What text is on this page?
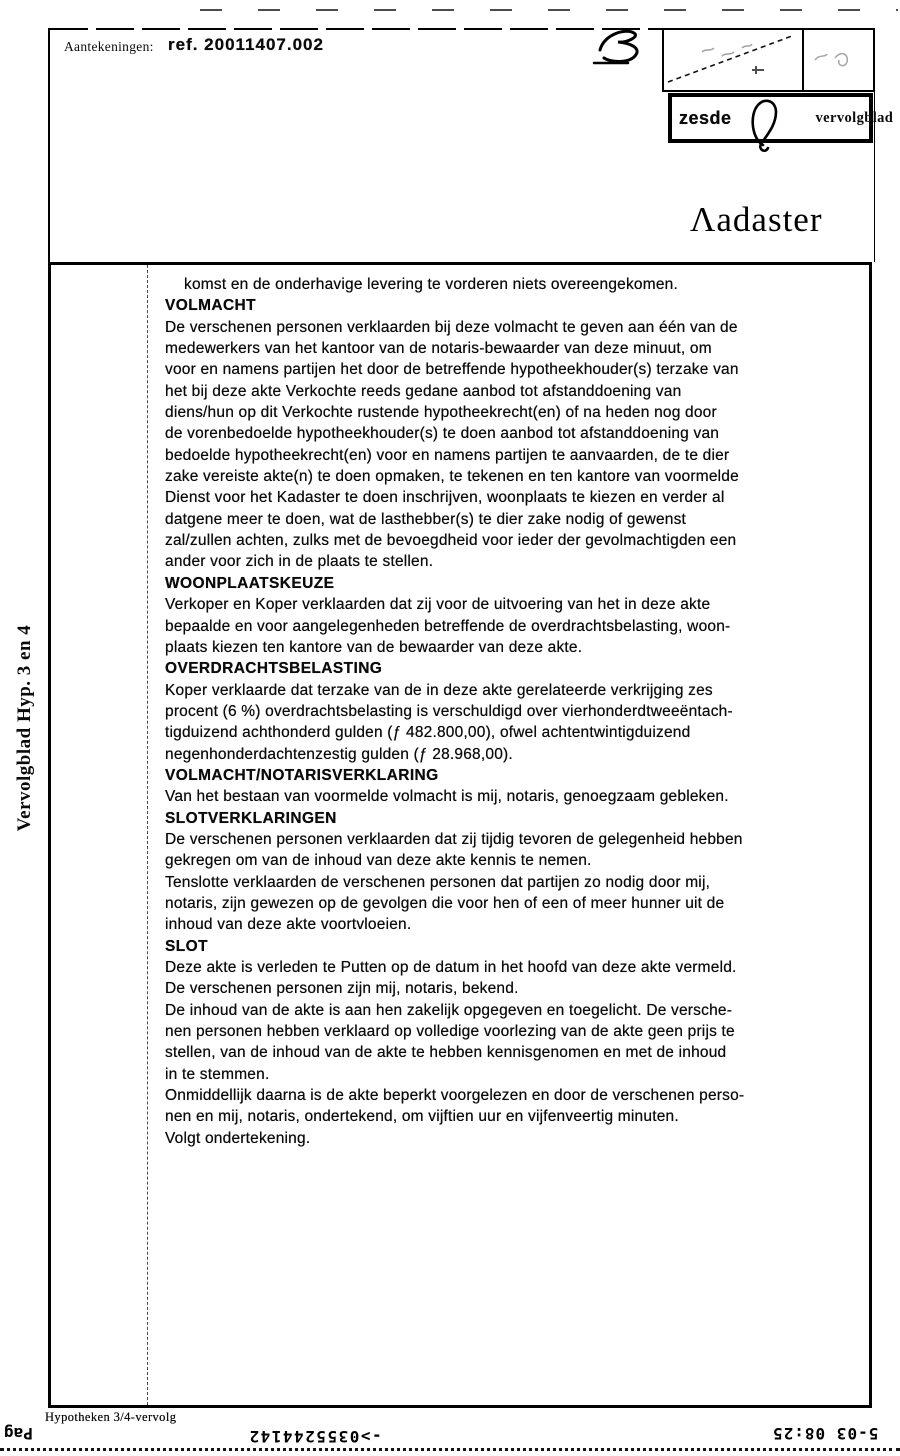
Aantekeningen: ref. 20011407.002
zesde	vervolgblad
Λadaster
komst en de onderhavige levering te vorderen niets overeengekomen.
VOLMACHT
De verschenen personen verklaarden bij deze volmacht te geven aan één van de
medewerkers van het kantoor van de notaris-bewaarder van deze minuut, om
voor en namens partijen het door de betreffende hypotheekhouder(s) terzake van
het bij deze akte Verkochte reeds gedane aanbod tot afstanddoening van
diens/hun op dit Verkochte rustende hypotheekrecht(en) of na heden nog door
de vorenbedoelde hypotheekhouder(s) te doen aanbod tot afstanddoening van
bedoelde hypotheekrecht(en) voor en namens partijen te aanvaarden, de te dier
zake vereiste akte(n) te doen opmaken, te tekenen en ten kantore van voormelde
Dienst voor het Kadaster te doen inschrijven, woonplaats te kiezen en verder al
datgene meer te doen, wat de lasthebber(s) te dier zake nodig of gewenst
zal/zullen achten, zulks met de bevoegdheid voor ieder der gevolmachtigden een
ander voor zich in de plaats te stellen.
WOONPLAATSKEUZE
Verkoper en Koper verklaarden dat zij voor de uitvoering van het in deze akte
bepaalde en voor aangelegenheden betreffende de overdrachtsbelasting, woon-
plaats kiezen ten kantore van de bewaarder van deze akte.
OVERDRACHTSBELASTING
Koper verklaarde dat terzake van de in deze akte gerelateerde verkrijging zes
procent (6 %) overdrachtsbelasting is verschuldigd over vierhonderdtweeëntach-
tigduizend achthonderd gulden (ƒ 482.800,00), ofwel achtentwintigduizend
negenhonderdachtenzestig gulden (ƒ 28.968,00).
VOLMACHT/NOTARISVERKLARING
Van het bestaan van voormelde volmacht is mij, notaris, genoegzaam gebleken.
SLOTVERKLARINGEN
De verschenen personen verklaarden dat zij tijdig tevoren de gelegenheid hebben
gekregen om van de inhoud van deze akte kennis te nemen.
Tenslotte verklaarden de verschenen personen dat partijen zo nodig door mij,
notaris, zijn gewezen op de gevolgen die voor hen of een of meer hunner uit de
inhoud van deze akte voortvloeien.
SLOT
Deze akte is verleden te Putten op de datum in het hoofd van deze akte vermeld.
De verschenen personen zijn mij, notaris, bekend.
De inhoud van de akte is aan hen zakelijk opgegeven en toegelicht. De versche-
nen personen hebben verklaard op volledige voorlezing van de akte geen prijs te
stellen, van de inhoud van de akte te hebben kennisgenomen en met de inhoud
in te stemmen.
Onmiddellijk daarna is de akte beperkt voorgelezen en door de verschenen perso-
nen en mij, notaris, ondertekend, om vijftien uur en vijfenveertig minuten.
Volgt ondertekening.
Vervolgblad Hyp. 3 en 4
Hypotheken 3/4-vervolg
Pag	->0355244142	5-03 08:25
